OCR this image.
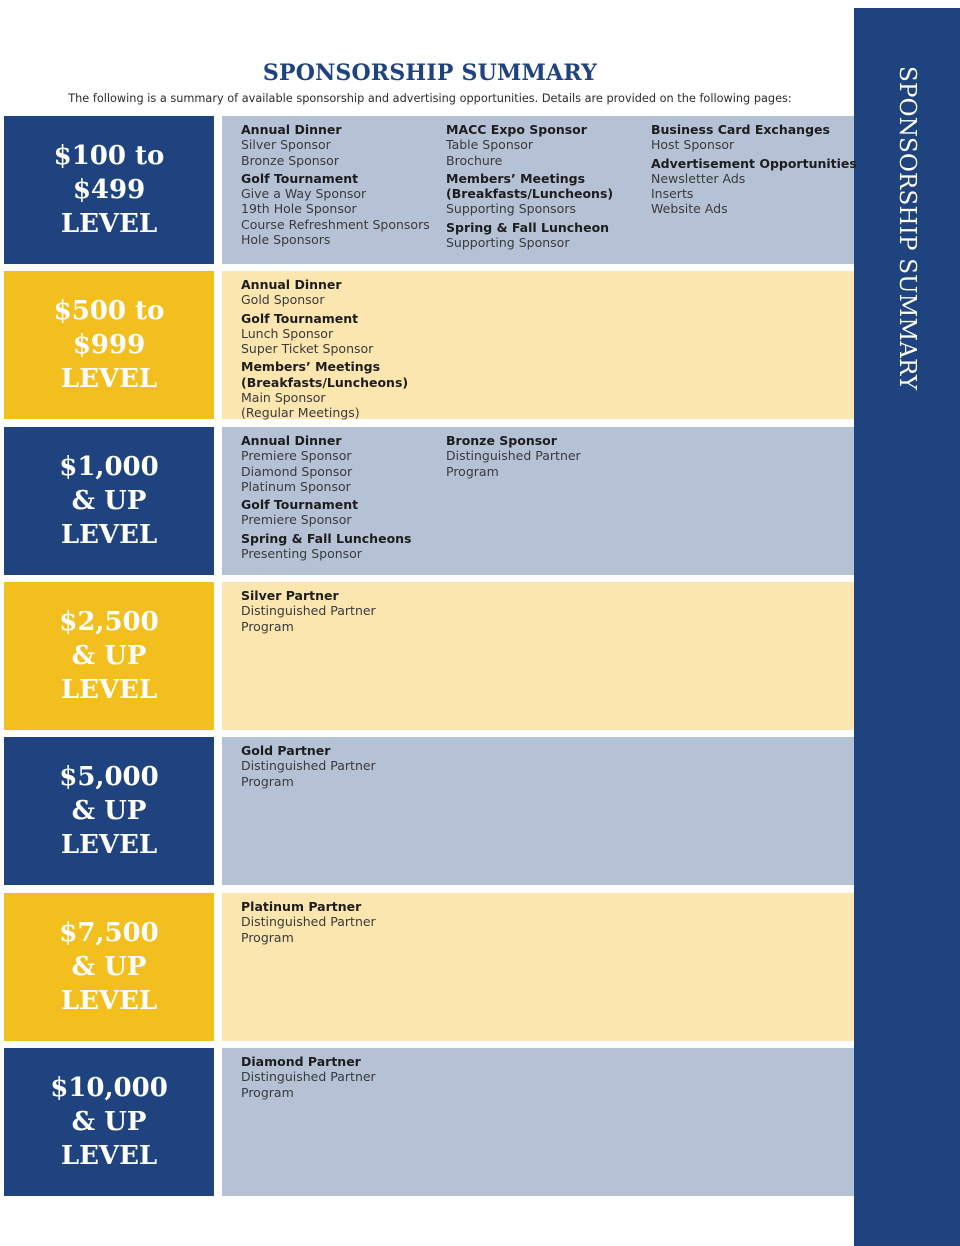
SPONSORSHIP SUMMARY
SPONSORSHIP SUMMARY
The following is a summary of available sponsorship and advertising opportunities. Details are provided on the following pages:
$100 to
$499
LEVEL
Annual Dinner
Silver Sponsor
Bronze Sponsor
Golf Tournament
Give a Way Sponsor
19th Hole Sponsor
Course Refreshment Sponsors
Hole Sponsors
MACC Expo Sponsor
Table Sponsor
Brochure
Members’ Meetings
(Breakfasts/Luncheons)
Supporting Sponsors
Spring & Fall Luncheon
Supporting Sponsor
Business Card Exchanges
Host Sponsor
Advertisement Opportunities
Newsletter Ads
Inserts
Website Ads
$500 to
$999
LEVEL
Annual Dinner
Gold Sponsor
Golf Tournament
Lunch Sponsor
Super Ticket Sponsor
Members’ Meetings
(Breakfasts/Luncheons)
Main Sponsor
(Regular Meetings)
$1,000
& UP
LEVEL
Annual Dinner
Premiere Sponsor
Diamond Sponsor
Platinum Sponsor
Golf Tournament
Premiere Sponsor
Spring & Fall Luncheons
Presenting Sponsor
Bronze Sponsor
Distinguished Partner
Program
$2,500
& UP
LEVEL
Silver Partner
Distinguished Partner
Program
$5,000
& UP
LEVEL
Gold Partner
Distinguished Partner
Program
$7,500
& UP
LEVEL
Platinum Partner
Distinguished Partner
Program
$10,000
& UP
LEVEL
Diamond Partner
Distinguished Partner
Program
